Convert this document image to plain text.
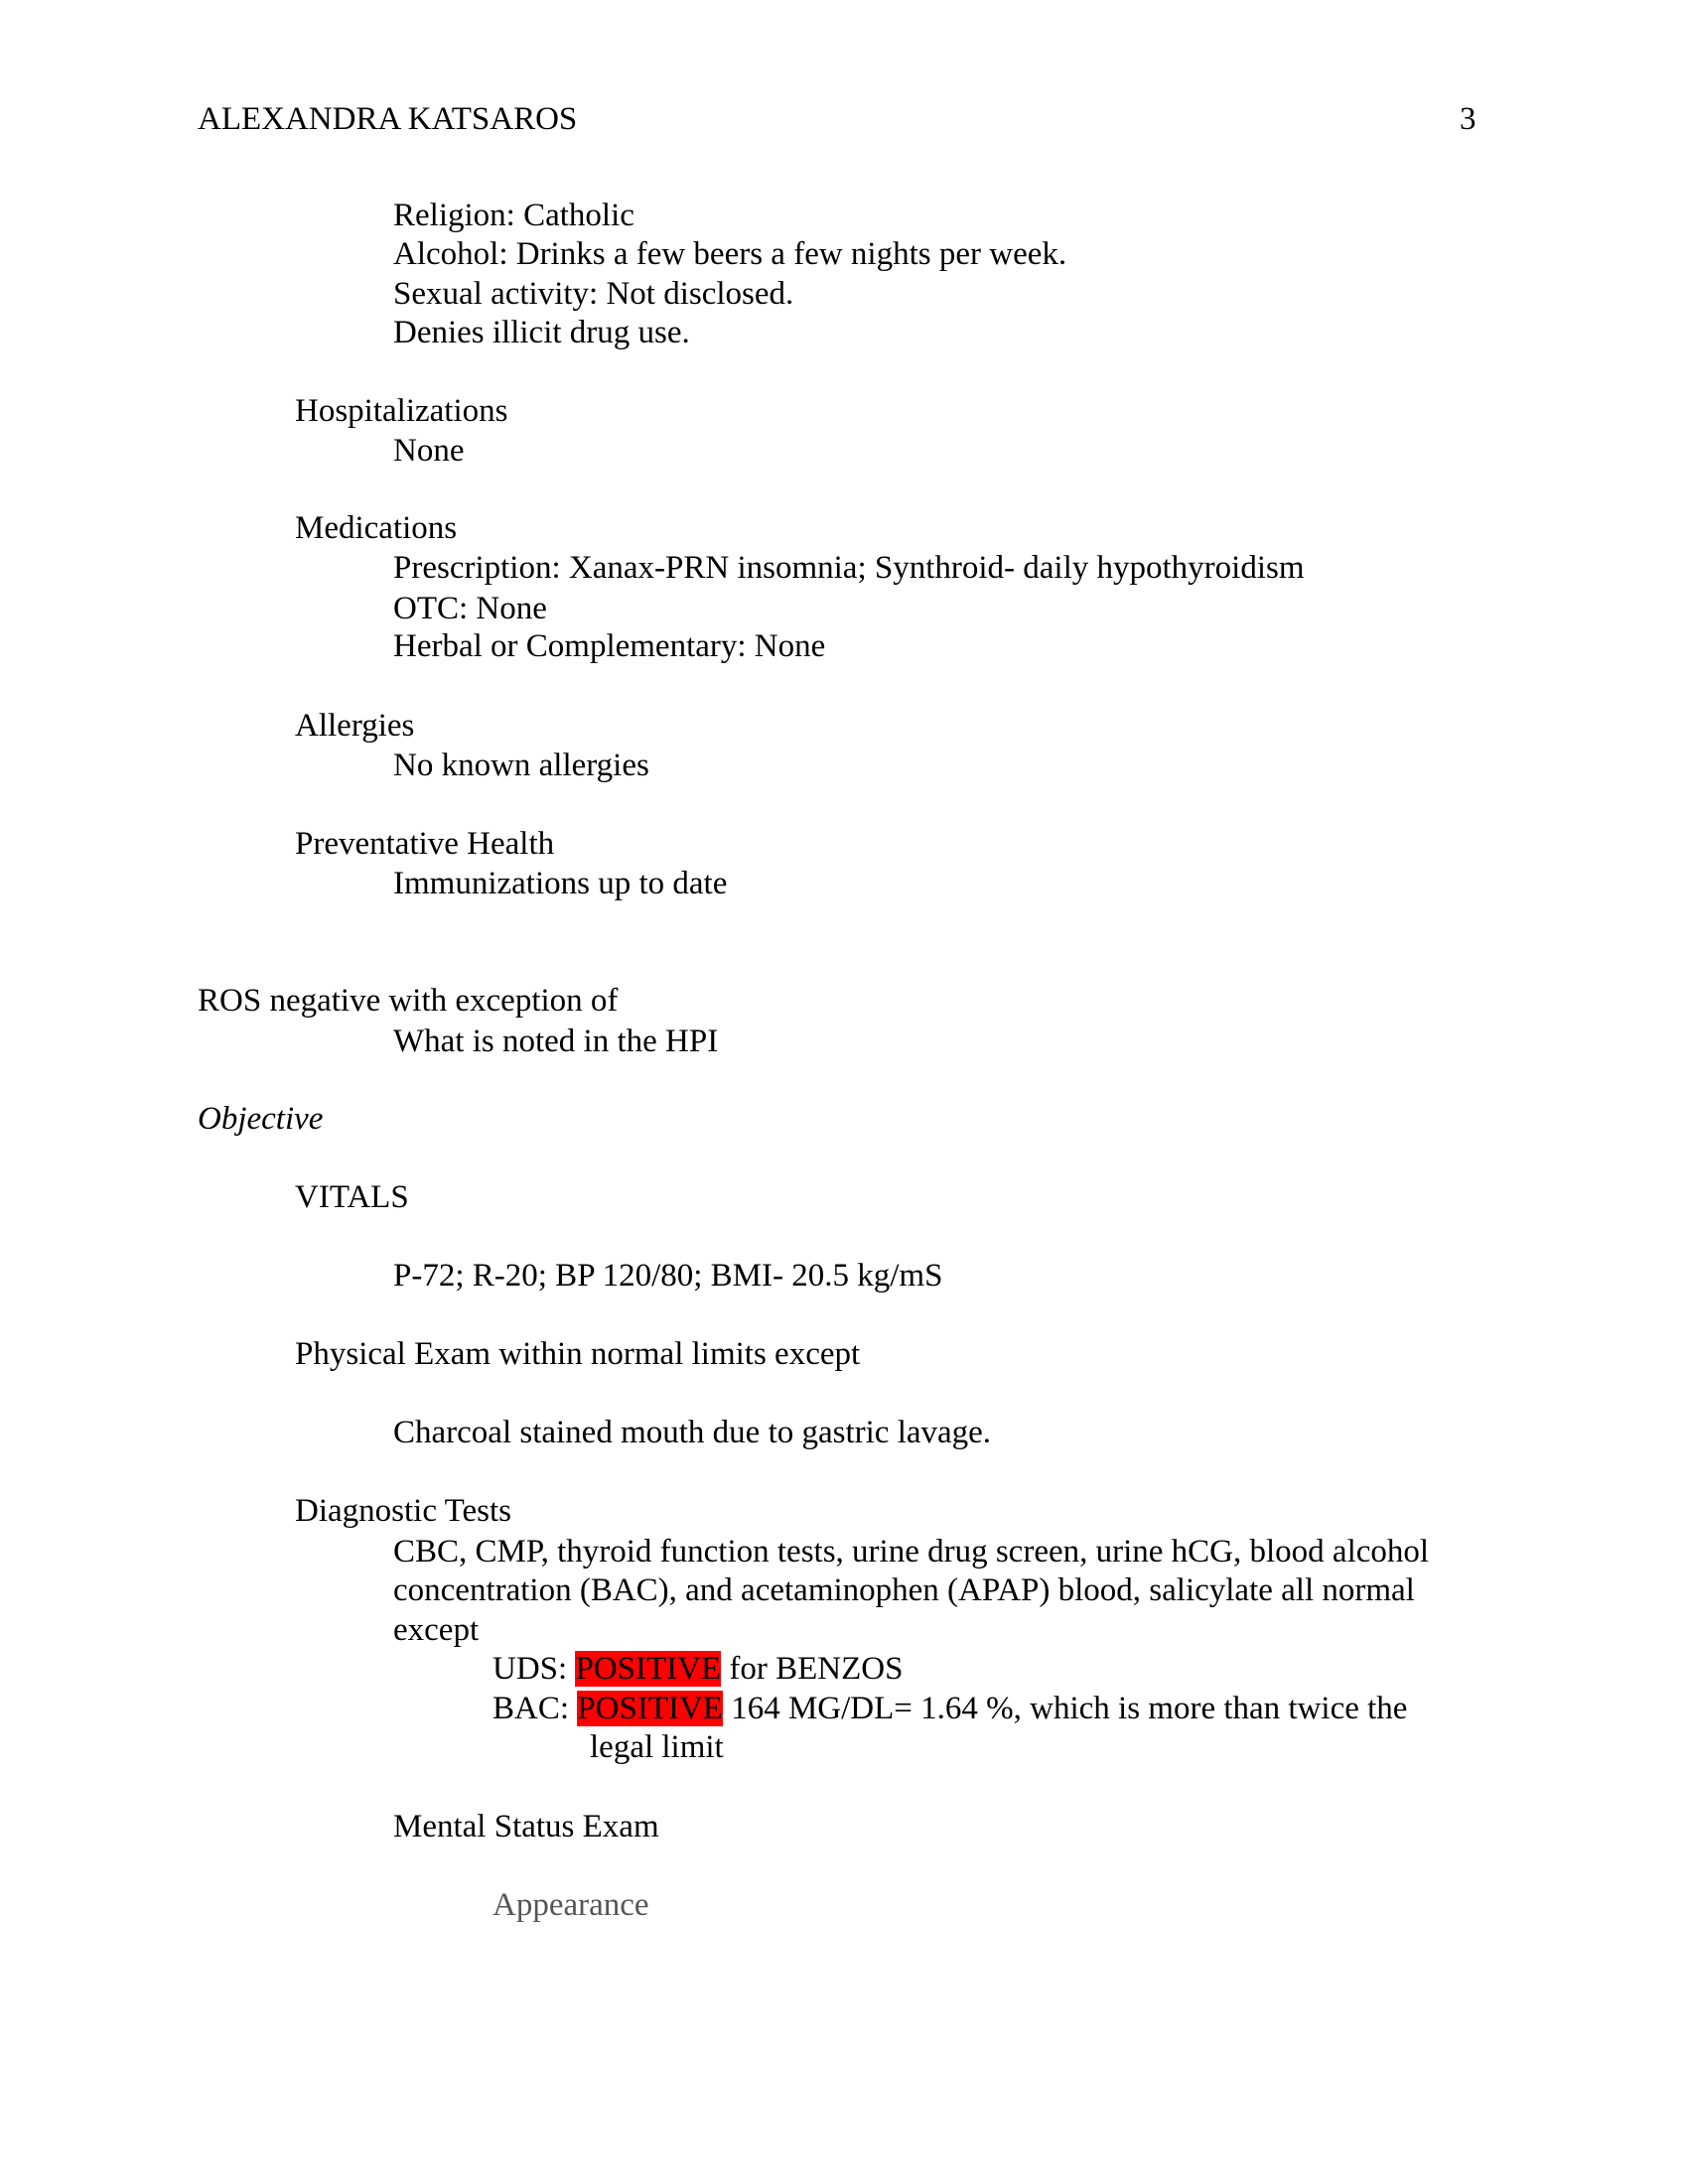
ALEXANDRA KATSAROS	3
Religion: Catholic
Alcohol: Drinks a few beers a few nights per week.
Sexual activity: Not disclosed.
Denies illicit drug use.
Hospitalizations
None
Medications
Prescription: Xanax-PRN insomnia; Synthroid- daily hypothyroidism
OTC: None
Herbal or Complementary: None
Allergies
No known allergies
Preventative Health
Immunizations up to date
ROS negative with exception of
What is noted in the HPI
Objective
VITALS
P-72; R-20; BP 120/80; BMI- 20.5 kg/mS
Physical Exam within normal limits except
Charcoal stained mouth due to gastric lavage.
Diagnostic Tests
CBC, CMP, thyroid function tests, urine drug screen, urine hCG, blood alcohol
concentration (BAC), and acetaminophen (APAP) blood, salicylate all normal
except
UDS: POSITIVE for BENZOS
BAC: POSITIVE 164 MG/DL= 1.64 %, which is more than twice the
legal limit
Mental Status Exam
Appearance
